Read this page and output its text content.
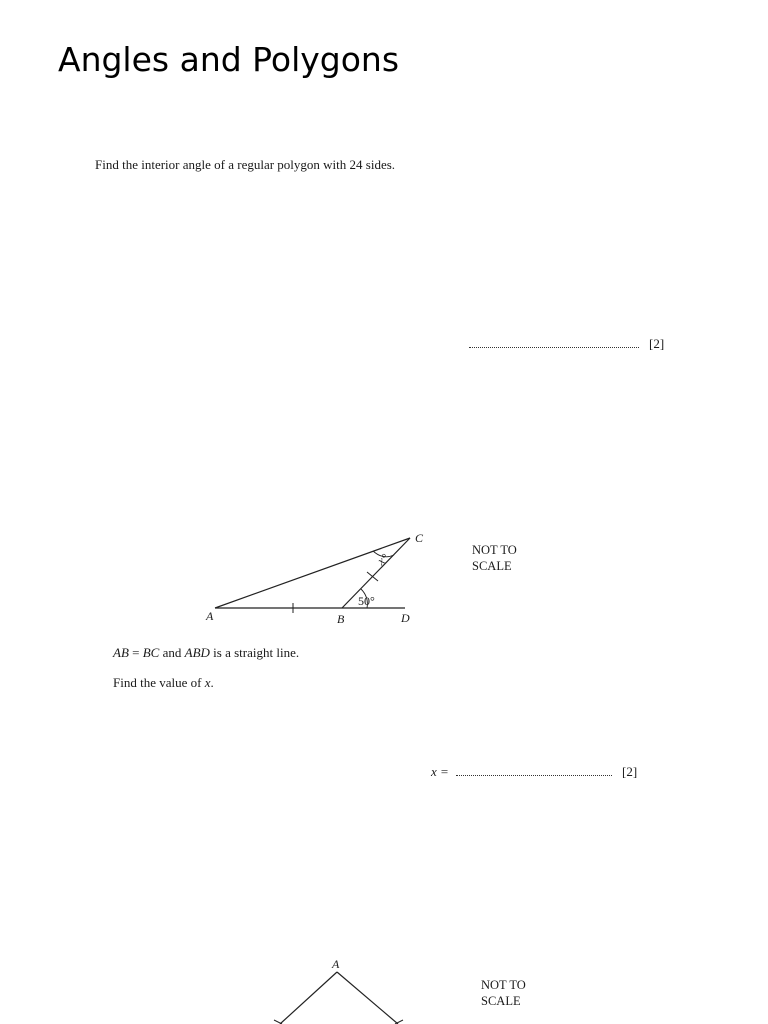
Angles and Polygons
Find the interior angle of a regular polygon with 24 sides.
[2]
C
A	B	D
x°
50°
NOT TO
SCALE
AB = BC and ABD is a straight line.
Find the value of x.
x =	[2]
A
NOT TO
SCALE
